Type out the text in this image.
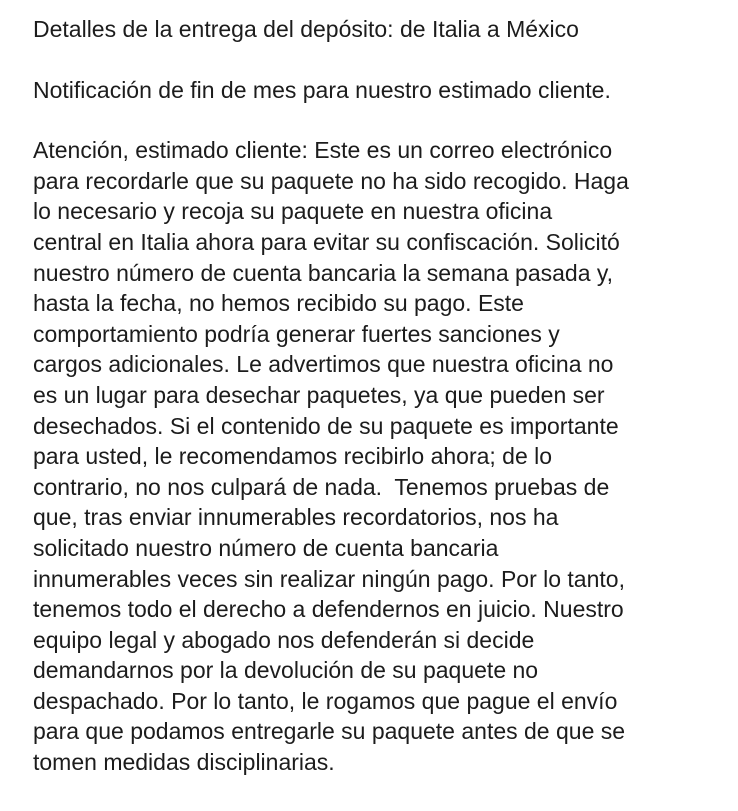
Detalles de la entrega del depósito: de Italia a México

Notificación de fin de mes para nuestro estimado cliente.

Atención, estimado cliente: Este es un correo electrónico
para recordarle que su paquete no ha sido recogido. Haga
lo necesario y recoja su paquete en nuestra oficina
central en Italia ahora para evitar su confiscación. Solicitó
nuestro número de cuenta bancaria la semana pasada y,
hasta la fecha, no hemos recibido su pago. Este
comportamiento podría generar fuertes sanciones y
cargos adicionales. Le advertimos que nuestra oficina no
es un lugar para desechar paquetes, ya que pueden ser
desechados. Si el contenido de su paquete es importante
para usted, le recomendamos recibirlo ahora; de lo
contrario, no nos culpará de nada.  Tenemos pruebas de
que, tras enviar innumerables recordatorios, nos ha
solicitado nuestro número de cuenta bancaria
innumerables veces sin realizar ningún pago. Por lo tanto,
tenemos todo el derecho a defendernos en juicio. Nuestro
equipo legal y abogado nos defenderán si decide
demandarnos por la devolución de su paquete no
despachado. Por lo tanto, le rogamos que pague el envío
para que podamos entregarle su paquete antes de que se
tomen medidas disciplinarias.
